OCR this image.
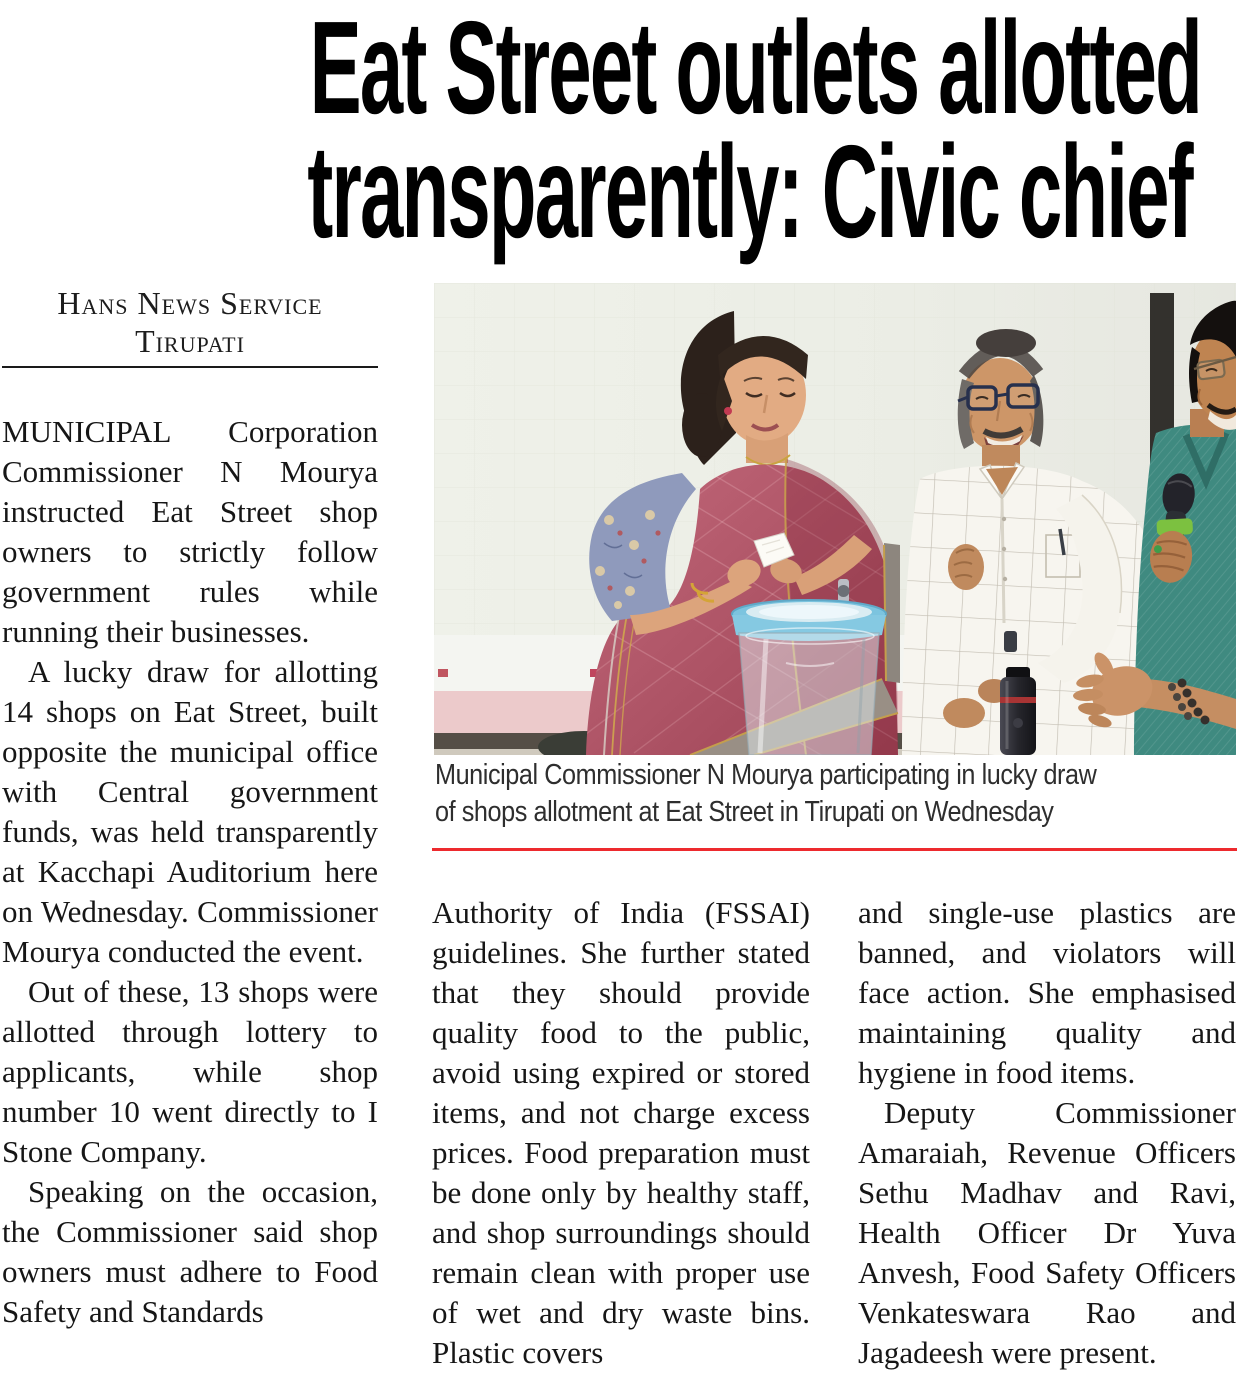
Eat Street outlets allotted
transparently: Civic chief
Hans News Service
Tirupati

MUNICIPAL Corporation Commissioner N Mourya instructed Eat Street shop owners to strictly follow government rules while running their businesses.

A lucky draw for allotting 14 shops on Eat Street, built opposite the municipal office with Central government funds, was held transparently at Kacchapi Auditorium here on Wednesday. Commissioner Mourya conducted the event.

Out of these, 13 shops were allotted through lottery to applicants, while shop number 10 went directly to I Stone Company.

Speaking on the occasion, the Commissioner said shop owners must adhere to Food Safety and Standards

Municipal Commissioner N Mourya participating in lucky draw
of shops allotment at Eat Street in Tirupati on Wednesday

Authority of India (FSSAI) guidelines. She further stated that they should provide quality food to the public, avoid using expired or stored items, and not charge excess prices. Food preparation must be done only by healthy staff, and shop surroundings should remain clean with proper use of wet and dry waste bins. Plastic covers

and single-use plastics are banned, and violators will face action. She emphasised maintaining quality and hygiene in food items.

Deputy Commissioner Amaraiah, Revenue Officers Sethu Madhav and Ravi, Health Officer Dr Yuva Anvesh, Food Safety Officers Venkateswara Rao and Jagadeesh were present.
